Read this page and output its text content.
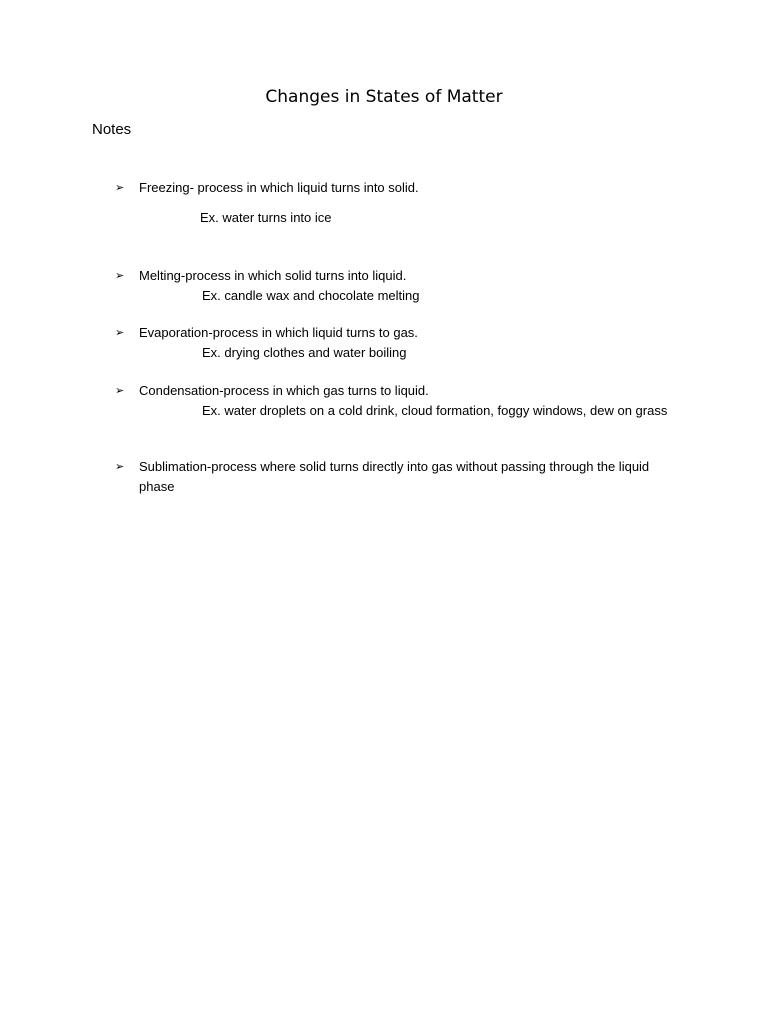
Changes in States of Matter
Notes
➢	Freezing- process in which liquid turns into solid.
Ex. water turns into ice
➢	Melting-process in which solid turns into liquid.
Ex. candle wax and chocolate melting
➢	Evaporation-process in which liquid turns to gas.
Ex. drying clothes and water boiling
➢	Condensation-process in which gas turns to liquid.
Ex. water droplets on a cold drink, cloud formation, foggy windows, dew on grass
➢	Sublimation-process where solid turns directly into gas without passing through the liquid phase
